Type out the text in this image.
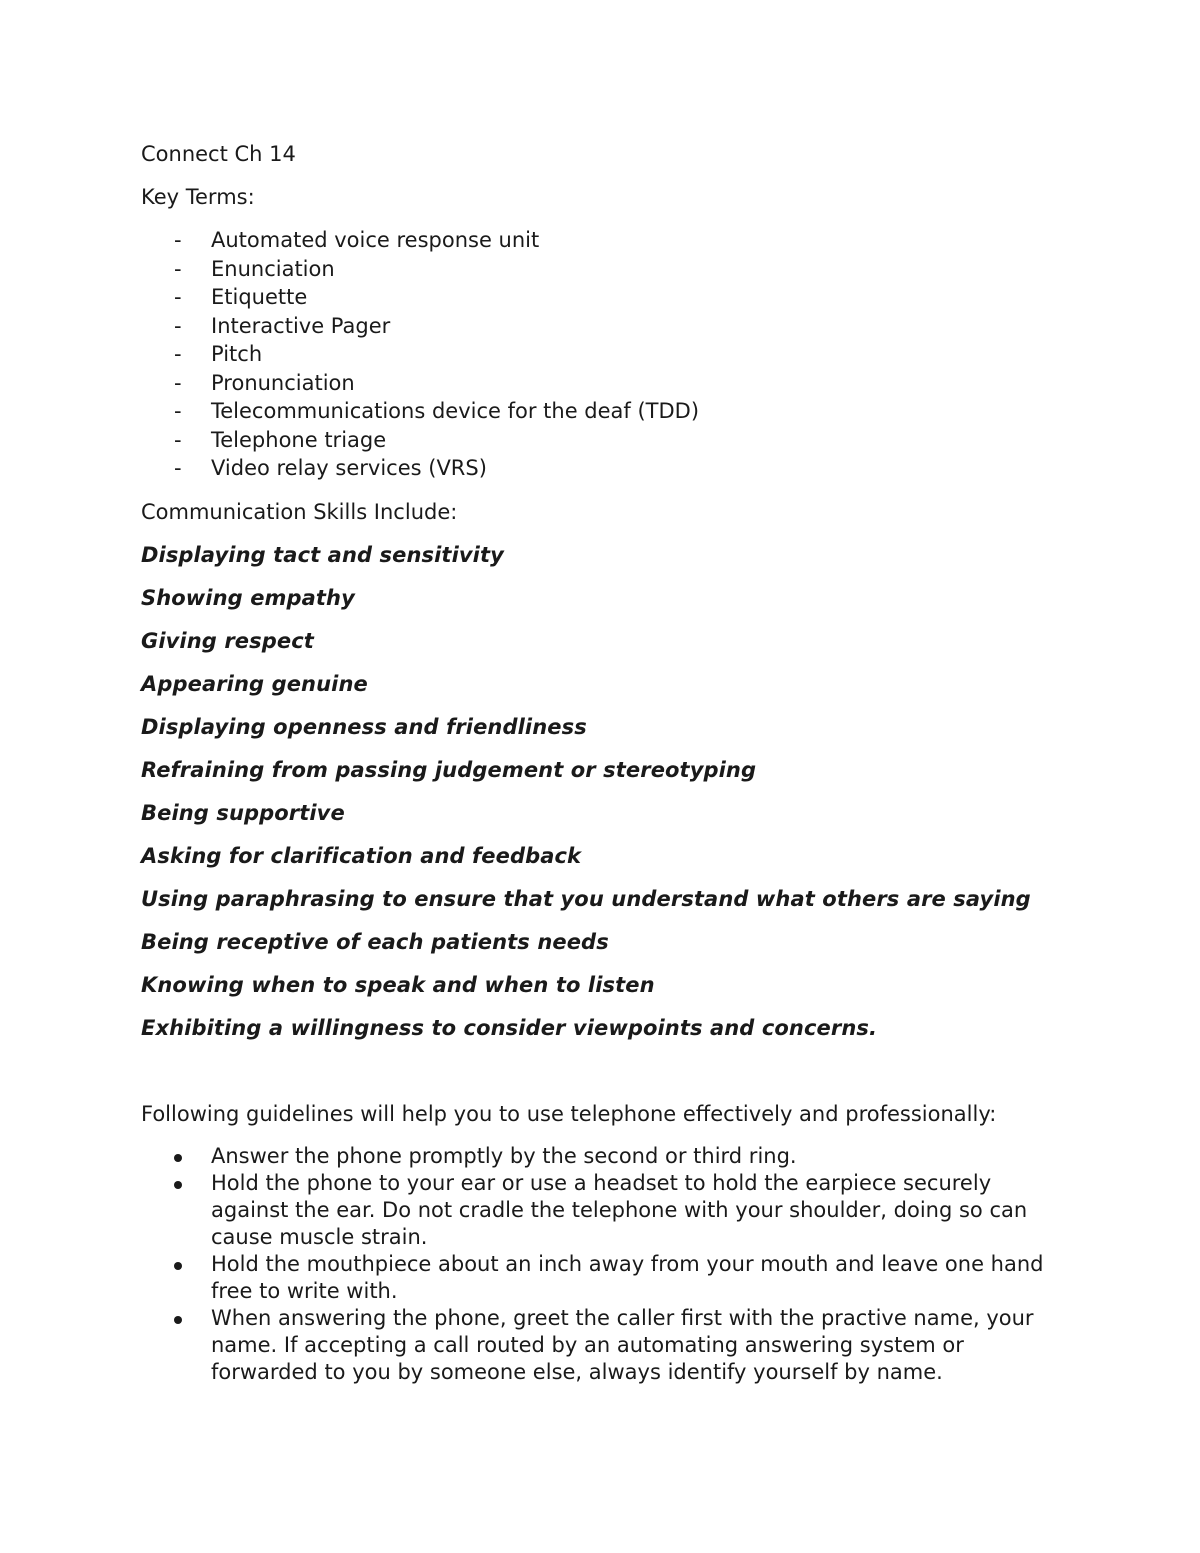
Connect Ch 14

Key Terms:

- Automated voice response unit
- Enunciation
- Etiquette
- Interactive Pager
- Pitch
- Pronunciation
- Telecommunications device for the deaf (TDD)
- Telephone triage
- Video relay services (VRS)

Communication Skills Include:

Displaying tact and sensitivity

Showing empathy

Giving respect

Appearing genuine

Displaying openness and friendliness

Refraining from passing judgement or stereotyping

Being supportive

Asking for clarification and feedback

Using paraphrasing to ensure that you understand what others are saying

Being receptive of each patients needs

Knowing when to speak and when to listen

Exhibiting a willingness to consider viewpoints and concerns.

Following guidelines will help you to use telephone effectively and professionally:

Answer the phone promptly by the second or third ring.
Hold the phone to your ear or use a headset to hold the earpiece securely against the ear. Do not cradle the telephone with your shoulder, doing so can cause muscle strain.
Hold the mouthpiece about an inch away from your mouth and leave one hand free to write with.
When answering the phone, greet the caller first with the practive name, your name. If accepting a call routed by an automating answering system or forwarded to you by someone else, always identify yourself by name.
